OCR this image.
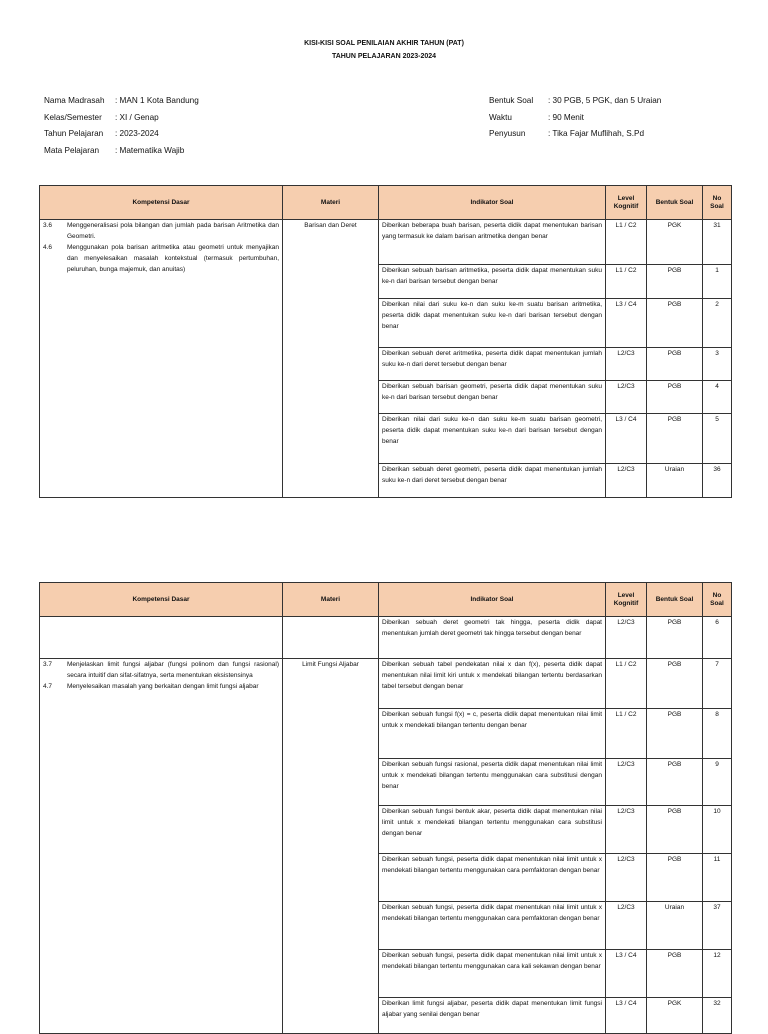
KISI-KISI SOAL PENILAIAN AKHIR TAHUN (PAT)
TAHUN PELAJARAN 2023-2024
Nama Madrasah	: MAN 1 Kota Bandung
Kelas/Semester	: XI / Genap
Tahun Pelajaran	: 2023-2024
Mata Pelajaran	: Matematika Wajib
Bentuk Soal	: 30 PGB, 5 PGK, dan 5 Uraian
Waktu	: 90 Menit
Penyusun	: Tika Fajar Muflihah, S.Pd
Kompetensi Dasar	Materi	Indikator Soal	Level Kognitif	Bentuk Soal	No Soal

3.6 Menggeneralisasi pola bilangan dan jumlah pada barisan Aritmetika dan Geometri.
4.6 Menggunakan pola barisan aritmetika atau geometri untuk menyajikan dan menyelesaikan masalah kontekstual (termasuk pertumbuhan, peluruhan, bunga majemuk, dan anuitas)	Barisan dan Deret	Diberikan beberapa buah barisan, peserta didik dapat menentukan barisan yang termasuk ke dalam barisan aritmetika dengan benar	L1 / C2	PGK	31
		Diberikan sebuah barisan aritmetika, peserta didik dapat menentukan suku ke-n dari barisan tersebut dengan benar	L1 / C2	PGB	1
		Diberikan nilai dari suku ke-n dan suku ke-m suatu barisan aritmetika, peserta didik dapat menentukan suku ke-n dari barisan tersebut dengan benar	L3 / C4	PGB	2
		Diberikan sebuah deret aritmetika, peserta didik dapat menentukan jumlah suku ke-n dari deret tersebut dengan benar	L2/C3	PGB	3
		Diberikan sebuah barisan geometri, peserta didik dapat menentukan suku ke-n dari barisan tersebut dengan benar	L2/C3	PGB	4
		Diberikan nilai dari suku ke-n dan suku ke-m suatu barisan geometri, peserta didik dapat menentukan suku ke-n dari barisan tersebut dengan benar	L3 / C4	PGB	5
		Diberikan sebuah deret geometri, peserta didik dapat menentukan jumlah suku ke-n dari deret tersebut dengan benar	L2/C3	Uraian	36
Kompetensi Dasar	Materi	Indikator Soal	Level Kognitif	Bentuk Soal	No Soal
		Diberikan sebuah deret geometri tak hingga, peserta didik dapat menentukan jumlah deret geometri tak hingga tersebut dengan benar	L2/C3	PGB	6

3.7 Menjelaskan limit fungsi aljabar (fungsi polinom dan fungsi rasional) secara intuitif dan sifat-sifatnya, serta menentukan eksistensinya
4.7 Menyelesaikan masalah yang berkaitan dengan limit fungsi aljabar	Limit Fungsi Aljabar	Diberikan sebuah tabel pendekatan nilai x dan f(x), peserta didik dapat menentukan nilai limit kiri untuk x mendekati bilangan tertentu berdasarkan tabel tersebut dengan benar	L1 / C2	PGB	7
		Diberikan sebuah fungsi f(x) = c, peserta didik dapat menentukan nilai limit untuk x mendekati bilangan tertentu dengan benar	L1 / C2	PGB	8
		Diberikan sebuah fungsi rasional, peserta didik dapat menentukan nilai limit untuk x mendekati bilangan tertentu menggunakan cara substitusi dengan benar	L2/C3	PGB	9
		Diberikan sebuah fungsi bentuk akar, peserta didik dapat menentukan nilai limit untuk x mendekati bilangan tertentu menggunakan cara substitusi dengan benar	L2/C3	PGB	10
		Diberikan sebuah fungsi, peserta didik dapat menentukan nilai limit untuk x mendekati bilangan tertentu menggunakan cara pemfaktoran dengan benar	L2/C3	PGB	11
		Diberikan sebuah fungsi, peserta didik dapat menentukan nilai limit untuk x mendekati bilangan tertentu menggunakan cara pemfaktoran dengan benar	L2/C3	Uraian	37
		Diberikan sebuah fungsi, peserta didik dapat menentukan nilai limit untuk x mendekati bilangan tertentu menggunakan cara kali sekawan dengan benar	L3 / C4	PGB	12
		Diberikan limit fungsi aljabar, peserta didik dapat menentukan limit fungsi aljabar yang senilai dengan benar	L3 / C4	PGK	32
